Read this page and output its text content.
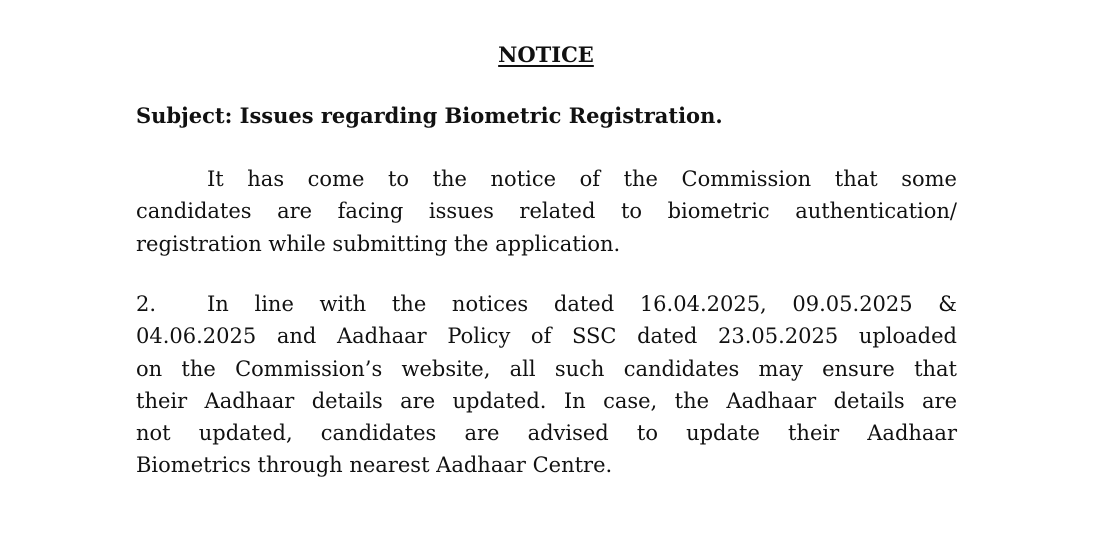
NOTICE
Subject: Issues regarding Biometric Registration.
It has come to the notice of the Commission that some
candidates are facing issues related to biometric authentication/
registration while submitting the application.
2.	In line with the notices dated 16.04.2025, 09.05.2025 &
04.06.2025 and Aadhaar Policy of SSC dated 23.05.2025 uploaded
on the Commission’s website, all such candidates may ensure that
their Aadhaar details are updated. In case, the Aadhaar details are
not updated, candidates are advised to update their Aadhaar
Biometrics through nearest Aadhaar Centre.
